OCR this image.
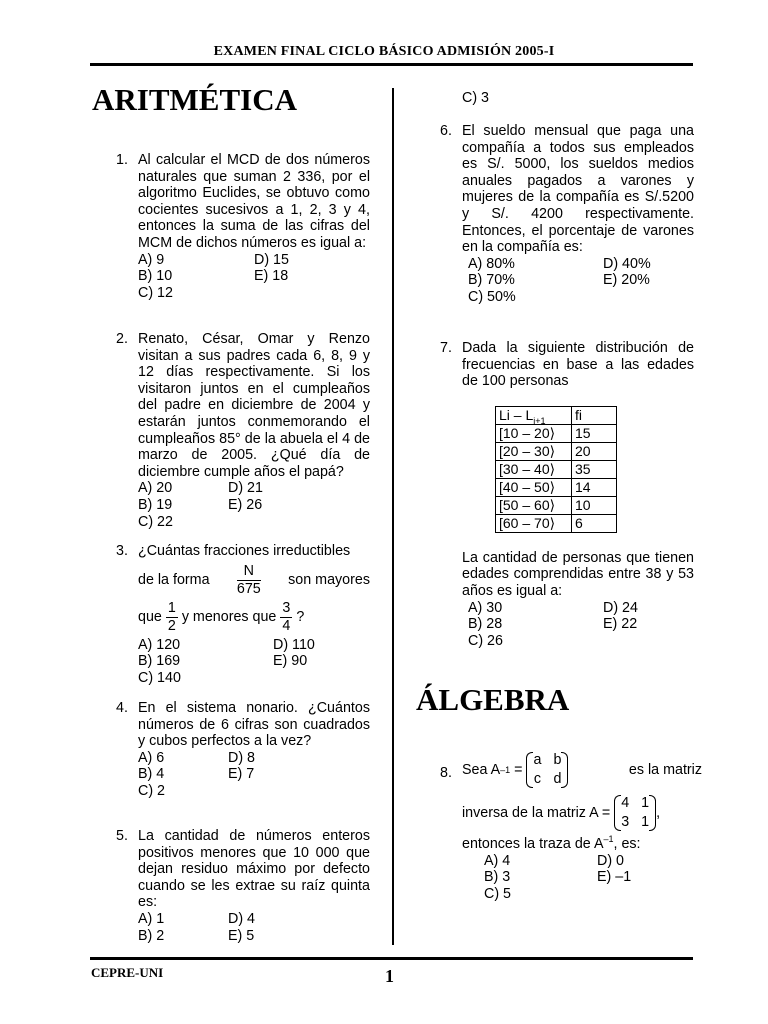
EXAMEN FINAL CICLO BÁSICO ADMISIÓN 2005-I
CEPRE-UNI	1
ARITMÉTICA
1. Al calcular el MCD de dos números naturales que suman 2 336, por el algoritmo Euclides, se obtuvo como cocientes sucesivos a 1, 2, 3 y 4, entonces la suma de las cifras del MCM de dichos números es igual a:
A) 9	D) 15
B) 10	E) 18
C) 12
2. Renato, César, Omar y Renzo visitan a sus padres cada 6, 8, 9 y 12 días respectivamente. Si los visitaron juntos en el cumpleaños del padre en diciembre de 2004 y estarán juntos conmemorando el cumpleaños 85° de la abuela el 4 de marzo de 2005. ¿Qué día de diciembre cumple años el papá?
A) 20	D) 21
B) 19	E) 26
C) 22
3. ¿Cuántas fracciones irreductibles
de la forma $\frac{N}{675}$ son mayores
que $\frac{1}{2}$ y menores que $\frac{3}{4}$ ?
A) 120	D) 110
B) 169	E) 90
C) 140
4. En el sistema nonario. ¿Cuántos números de 6 cifras son cuadrados y cubos perfectos a la vez?
A) 6	D) 8
B) 4	E) 7
C) 2
5. La cantidad de números enteros positivos menores que 10 000 que dejan residuo máximo por defecto cuando se les extrae su raíz quinta es:
A) 1	D) 4
B) 2	E) 5
C) 3
6. El sueldo mensual que paga una compañía a todos sus empleados es S/. 5000, los sueldos medios anuales pagados a varones y mujeres de la compañía es S/.5200 y S/. 4200 respectivamente. Entonces, el porcentaje de varones en la compañía es:
A) 80%	D) 40%
B) 70%	E) 20%
C) 50%
7. Dada la siguiente distribución de frecuencias en base a las edades de 100 personas
Li – $L_{i+1}$	fi
[10 – 20⟩	15
[20 – 30⟩	20
[30 – 40⟩	35
[40 – 50⟩	14
[50 – 60⟩	10
[60 – 70⟩	6
La cantidad de personas que tienen edades comprendidas entre 38 y 53 años es igual a:
A) 30	D) 24
B) 28	E) 22
C) 26
ÁLGEBRA
8. Sea A –1 =
a b
c d
es la matriz
inversa de la matriz A =
4 1
3 1
,
entonces la traza de $A^{-1}$, es:
A) 4	D) 0
B) 3	E) –1
C) 5
